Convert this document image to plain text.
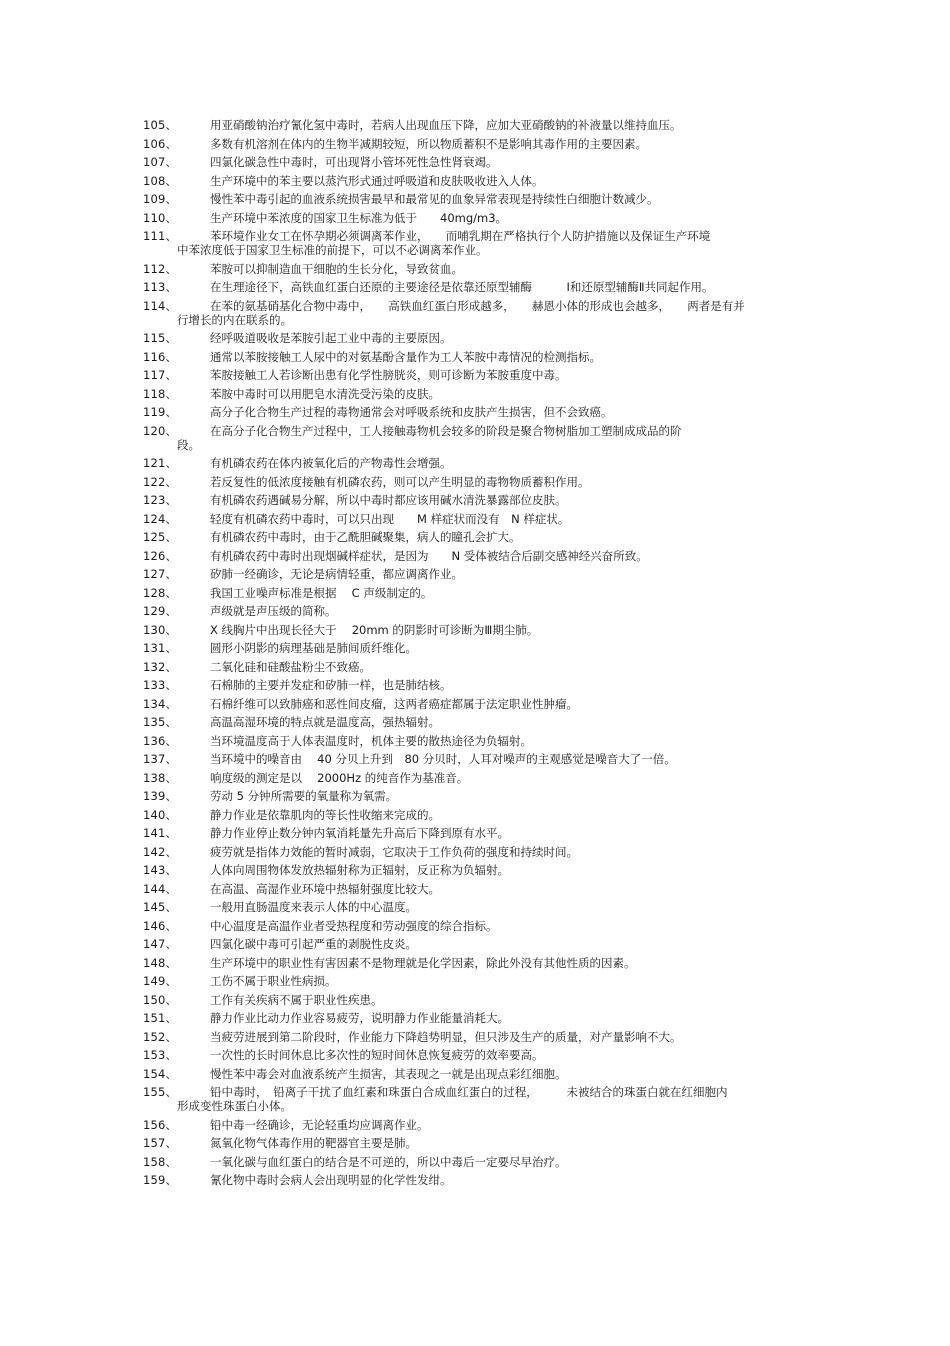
105、	用亚硝酸钠治疗氰化氢中毒时，若病人出现血压下降，应加大亚硝酸钠的补液量以维持血压。
106、	多数有机溶剂在体内的生物半减期较短，所以物质蓄积不是影响其毒作用的主要因素。
107、	四氯化碳急性中毒时，可出现肾小管坏死性急性肾衰竭。
108、	生产环境中的苯主要以蒸汽形式通过呼吸道和皮肤吸收进入人体。
109、	慢性苯中毒引起的血液系统损害最早和最常见的血象异常表现是持续性白细胞计数减少。
110、	生产环境中苯浓度的国家卫生标准为低于　　40mg/m3。
111、	苯环境作业女工在怀孕期必须调离苯作业，　　而哺乳期在严格执行个人防护措施以及保证生产环境
中苯浓度低于国家卫生标准的前提下，可以不必调离苯作业。
112、	苯胺可以抑制造血干细胞的生长分化，导致贫血。
113、	在生理途径下，高铁血红蛋白还原的主要途径是依靠还原型辅酶　　　Ⅰ和还原型辅酶Ⅱ共同起作用。
114、	在苯的氨基硝基化合物中毒中，　　高铁血红蛋白形成越多，　　赫恩小体的形成也会越多，　　两者是有并
行增长的内在联系的。
115、	经呼吸道吸收是苯胺引起工业中毒的主要原因。
116、	通常以苯胺接触工人尿中的对氨基酚含量作为工人苯胺中毒情况的检测指标。
117、	苯胺接触工人若诊断出患有化学性膀胱炎，则可诊断为苯胺重度中毒。
118、	苯胺中毒时可以用肥皂水清洗受污染的皮肤。
119、	高分子化合物生产过程的毒物通常会对呼吸系统和皮肤产生损害，但不会致癌。
120、	在高分子化合物生产过程中，工人接触毒物机会较多的阶段是聚合物树脂加工塑制成成品的阶
段。
121、	有机磷农药在体内被氧化后的产物毒性会增强。
122、	若反复性的低浓度接触有机磷农药，则可以产生明显的毒物物质蓄积作用。
123、	有机磷农药遇碱易分解，所以中毒时都应该用碱水清洗暴露部位皮肤。
124、	轻度有机磷农药中毒时，可以只出现　　M 样症状而没有　N 样症状。
125、	有机磷农药中毒时，由于乙酰胆碱聚集，病人的瞳孔会扩大。
126、	有机磷农药中毒时出现烟碱样症状，是因为　　N 受体被结合后副交感神经兴奋所致。
127、	矽肺一经确诊，无论是病情轻重，都应调离作业。
128、	我国工业噪声标准是根据　 C 声级制定的。
129、	声级就是声压级的简称。
130、	X 线胸片中出现长径大于　 20mm 的阴影时可诊断为Ⅲ期尘肺。
131、	圆形小阴影的病理基础是肺间质纤维化。
132、	二氧化硅和硅酸盐粉尘不致癌。
133、	石棉肺的主要并发症和矽肺一样，也是肺结核。
134、	石棉纤维可以致肺癌和恶性间皮瘤，这两者癌症都属于法定职业性肿瘤。
135、	高温高湿环境的特点就是温度高，强热辐射。
136、	当环境温度高于人体表温度时，机体主要的散热途径为负辐射。
137、	当环境中的噪音由　 40 分贝上升到　80 分贝时，人耳对噪声的主观感觉是噪音大了一倍。
138、	响度级的测定是以　 2000Hz 的纯音作为基准音。
139、	劳动 5 分钟所需要的氧量称为氧需。
140、	静力作业是依靠肌肉的等长性收缩来完成的。
141、	静力作业停止数分钟内氧消耗量先升高后下降到原有水平。
142、	疲劳就是指体力效能的暂时减弱，它取决于工作负荷的强度和持续时间。
143、	人体向周围物体发放热辐射称为正辐射，反正称为负辐射。
144、	在高温、高湿作业环境中热辐射强度比较大。
145、	一般用直肠温度来表示人体的中心温度。
146、	中心温度是高温作业者受热程度和劳动强度的综合指标。
147、	四氯化碳中毒可引起严重的剥脱性皮炎。
148、	生产环境中的职业性有害因素不是物理就是化学因素，除此外没有其他性质的因素。
149、	工伤不属于职业性病损。
150、	工作有关疾病不属于职业性疾患。
151、	静力作业比动力作业容易疲劳，说明静力作业能量消耗大。
152、	当疲劳进展到第二阶段时，作业能力下降趋势明显，但只涉及生产的质量，对产量影响不大。
153、	一次性的长时间休息比多次性的短时间休息恢复疲劳的效率要高。
154、	慢性苯中毒会对血液系统产生损害，其表现之一就是出现点彩红细胞。
155、	铅中毒时，　铅离子干扰了血红素和珠蛋白合成血红蛋白的过程，　　　未被结合的珠蛋白就在红细胞内
形成变性珠蛋白小体。
156、	铅中毒一经确诊，无论轻重均应调离作业。
157、	氮氧化物气体毒作用的靶器官主要是肺。
158、	一氧化碳与血红蛋白的结合是不可逆的，所以中毒后一定要尽早治疗。
159、	氰化物中毒时会病人会出现明显的化学性发绀。
